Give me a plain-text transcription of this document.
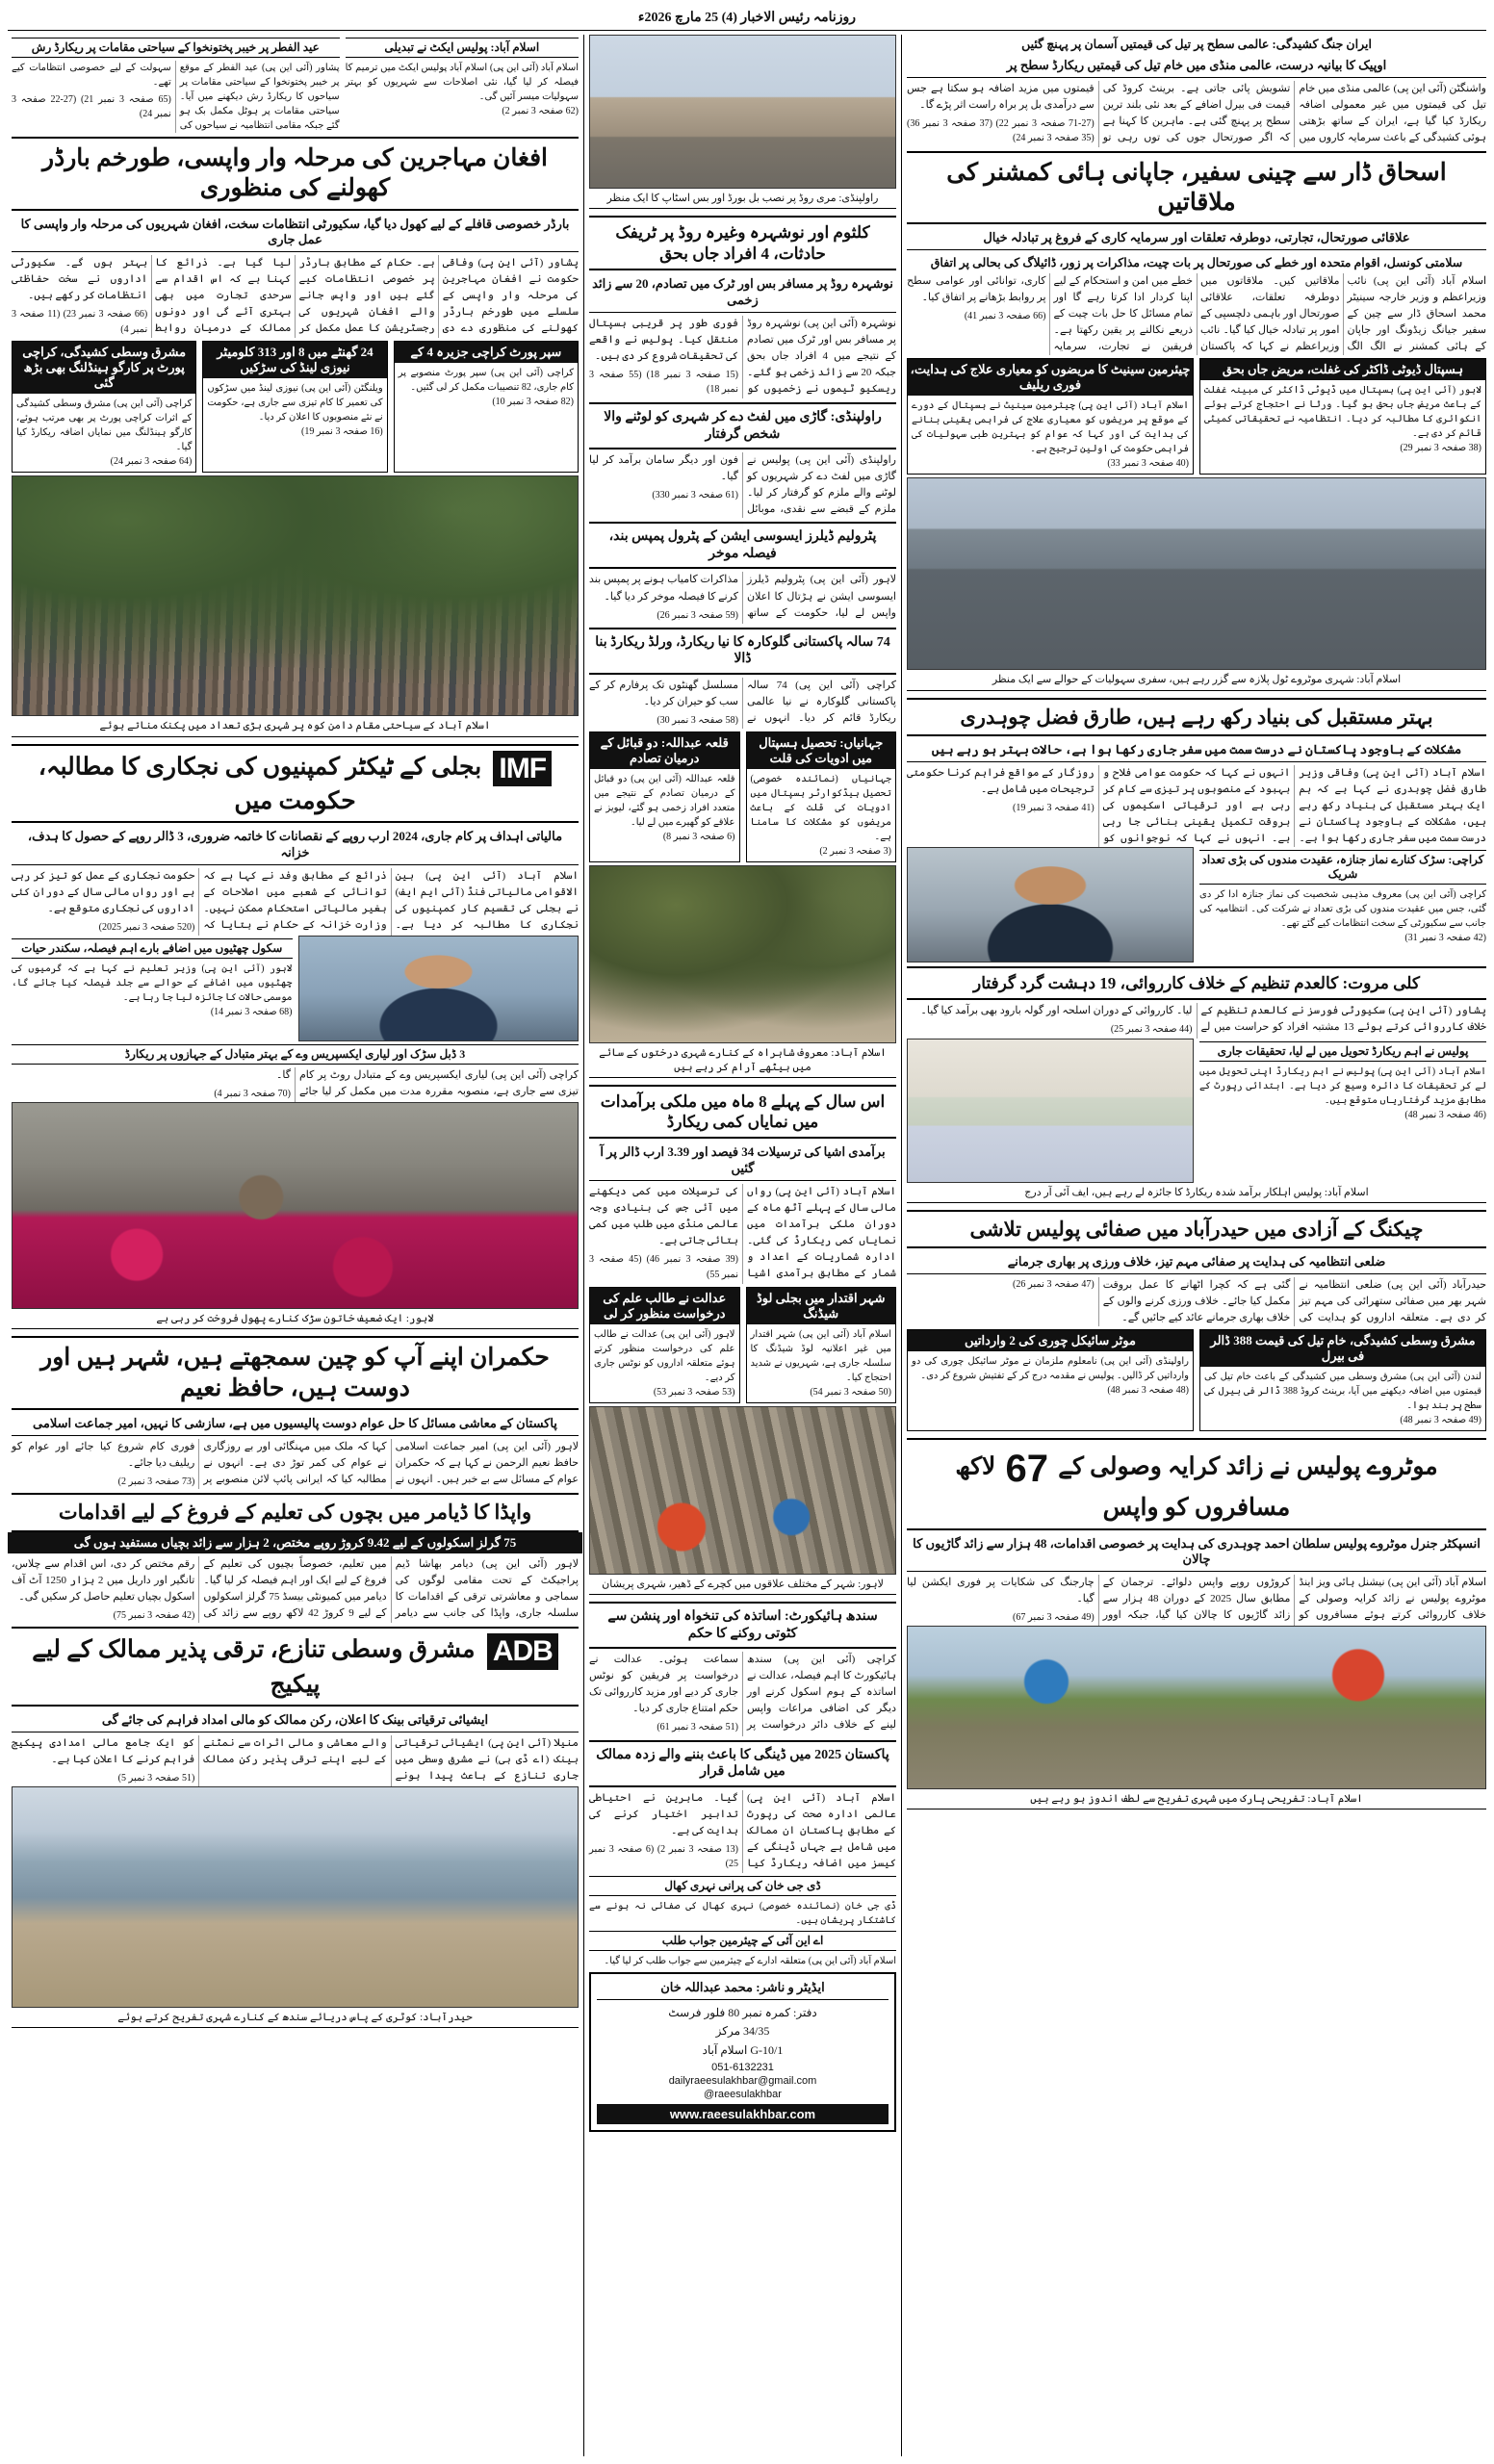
روزنامہ رئیس الاخبار (4) 25 مارچ 2026ء
ایران جنگ کشیدگی: عالمی سطح پر تیل کی قیمتیں آسمان پر پہنچ گئیں
اوپیک کا بیانیہ درست، عالمی منڈی میں خام تیل کی قیمتیں ریکارڈ سطح پر

واشنگٹن (آئی این پی) عالمی منڈی میں خام تیل کی قیمتوں میں غیر معمولی اضافہ ریکارڈ کیا گیا ہے، ایران کے ساتھ بڑھتی ہوئی کشیدگی کے باعث سرمایہ کاروں میں تشویش پائی جاتی ہے۔ برینٹ کروڈ کی قیمت فی بیرل اضافے کے بعد نئی بلند ترین سطح پر پہنچ گئی ہے۔ ماہرین کا کہنا ہے کہ اگر صورتحال جوں کی توں رہی تو قیمتوں میں مزید اضافہ ہو سکتا ہے جس سے درآمدی بل پر براہ راست اثر پڑے گا۔

(71-27 صفحہ 3 نمبر 22) (37 صفحہ 3 نمبر 36) (35 صفحہ 3 نمبر 24)

اسحاق ڈار سے چینی سفیر، جاپانی ہائی کمشنر کی ملاقاتیں
علاقائی صورتحال، تجارتی، دوطرفہ تعلقات اور سرمایہ کاری کے فروغ پر تبادلہ خیال
سلامتی کونسل، اقوام متحدہ اور خطے کی صورتحال پر بات چیت، مذاکرات پر زور، ڈائیلاگ کی بحالی پر اتفاق

اسلام آباد (آئی این پی) نائب وزیراعظم و وزیر خارجہ سینیٹر محمد اسحاق ڈار سے چین کے سفیر جیانگ زیڈونگ اور جاپان کے ہائی کمشنر نے الگ الگ ملاقاتیں کیں۔ ملاقاتوں میں دوطرفہ تعلقات، علاقائی صورتحال اور باہمی دلچسپی کے امور پر تبادلہ خیال کیا گیا۔ نائب وزیراعظم نے کہا کہ پاکستان خطے میں امن و استحکام کے لیے اپنا کردار ادا کرتا رہے گا اور تمام مسائل کا حل بات چیت کے ذریعے نکالنے پر یقین رکھتا ہے۔ فریقین نے تجارت، سرمایہ کاری، توانائی اور عوامی سطح پر روابط بڑھانے پر اتفاق کیا۔

(66 صفحہ 3 نمبر 41)

ہسپتال ڈیوٹی ڈاکٹر کی غفلت، مریض جاں بحق
لاہور (آئی این پی) ہسپتال میں ڈیوٹی ڈاکٹر کی مبینہ غفلت کے باعث مریض جاں بحق ہو گیا۔ ورثا نے احتجاج کرتے ہوئے انکوائری کا مطالبہ کر دیا۔ انتظامیہ نے تحقیقاتی کمیٹی قائم کر دی ہے۔
(38 صفحہ 3 نمبر 29)
چیئرمین سینیٹ کا مریضوں کو معیاری علاج کی ہدایت، فوری ریلیف
اسلام آباد (آئی این پی) چیئرمین سینیٹ نے ہسپتال کے دورے کے موقع پر مریضوں کو معیاری علاج کی فراہمی یقینی بنانے کی ہدایت کی اور کہا کہ عوام کو بہترین طبی سہولیات کی فراہمی حکومت کی اولین ترجیح ہے۔
(40 صفحہ 3 نمبر 33)
اسلام آباد: شہری موٹروے ٹول پلازہ سے گزر رہے ہیں، سفری سہولیات کے حوالے سے ایک منظر
بہتر مستقبل کی بنیاد رکھ رہے ہیں، طارق فضل چوہدری
مشکلات کے باوجود پاکستان نے درست سمت میں سفر جاری رکھا ہوا ہے، حالات بہتر ہو رہے ہیں

اسلام آباد (آئی این پی) وفاقی وزیر طارق فضل چوہدری نے کہا ہے کہ ہم ایک بہتر مستقبل کی بنیاد رکھ رہے ہیں، مشکلات کے باوجود پاکستان نے درست سمت میں سفر جاری رکھا ہوا ہے۔ انہوں نے کہا کہ حکومت عوامی فلاح و بہبود کے منصوبوں پر تیزی سے کام کر رہی ہے اور ترقیاتی اسکیموں کی بروقت تکمیل یقینی بنائی جا رہی ہے۔ انہوں نے کہا کہ نوجوانوں کو روزگار کے مواقع فراہم کرنا حکومتی ترجیحات میں شامل ہے۔

(41 صفحہ 3 نمبر 19)

کراچی: سڑک کنارے نماز جنازہ، عقیدت مندوں کی بڑی تعداد شریک
کراچی (آئی این پی) معروف مذہبی شخصیت کی نماز جنازہ ادا کر دی گئی، جس میں عقیدت مندوں کی بڑی تعداد نے شرکت کی۔ انتظامیہ کی جانب سے سکیورٹی کے سخت انتظامات کیے گئے تھے۔
(42 صفحہ 3 نمبر 31)
کلی مروت: کالعدم تنظیم کے خلاف کارروائی، 19 دہشت گرد گرفتار

پشاور (آئی این پی) سکیورٹی فورسز نے کالعدم تنظیم کے خلاف کارروائی کرتے ہوئے 13 مشتبہ افراد کو حراست میں لے لیا۔ کارروائی کے دوران اسلحہ اور گولہ بارود بھی برآمد کیا گیا۔

(44 صفحہ 3 نمبر 25)

پولیس نے اہم ریکارڈ تحویل میں لے لیا، تحقیقات جاری
اسلام آباد (آئی این پی) پولیس نے اہم ریکارڈ اپنی تحویل میں لے کر تحقیقات کا دائرہ وسیع کر دیا ہے۔ ابتدائی رپورٹ کے مطابق مزید گرفتاریاں متوقع ہیں۔
(46 صفحہ 3 نمبر 48)
اسلام آباد: پولیس اہلکار برآمد شدہ ریکارڈ کا جائزہ لے رہے ہیں، ایف آئی آر درج
چیکنگ کے آزادی میں حیدرآباد میں صفائی پولیس تلاشی
ضلعی انتظامیہ کی ہدایت پر صفائی مہم تیز، خلاف ورزی پر بھاری جرمانے

حیدرآباد (آئی این پی) ضلعی انتظامیہ نے شہر بھر میں صفائی ستھرائی کی مہم تیز کر دی ہے۔ متعلقہ اداروں کو ہدایت کی گئی ہے کہ کچرا اٹھانے کا عمل بروقت مکمل کیا جائے۔ خلاف ورزی کرنے والوں کے خلاف بھاری جرمانے عائد کیے جائیں گے۔

(47 صفحہ 3 نمبر 26)

مشرق وسطی کشیدگی، خام تیل کی قیمت 388 ڈالر فی بیرل
لندن (آئی این پی) مشرق وسطی میں کشیدگی کے باعث خام تیل کی قیمتوں میں اضافہ دیکھنے میں آیا، برینٹ کروڈ 388 ڈالر فی بیرل کی سطح پر بند ہوا۔
(49 صفحہ 3 نمبر 48)
موٹر سائیکل چوری کی 2 وارداتیں
راولپنڈی (آئی این پی) نامعلوم ملزمان نے موٹر سائیکل چوری کی دو وارداتیں کر ڈالیں۔ پولیس نے مقدمہ درج کر کے تفتیش شروع کر دی۔
(48 صفحہ 3 نمبر 48)
موٹروے پولیس نے زائد کرایہ وصولی کے 67 لاکھ مسافروں کو واپس
انسپکٹر جنرل موٹروے پولیس سلطان احمد چوہدری کی ہدایت پر خصوصی اقدامات، 48 ہزار سے زائد گاڑیوں کا چالان

اسلام آباد (آئی این پی) نیشنل ہائی ویز اینڈ موٹروے پولیس نے زائد کرایہ وصولی کے خلاف کارروائی کرتے ہوئے مسافروں کو کروڑوں روپے واپس دلوائے۔ ترجمان کے مطابق سال 2025 کے دوران 48 ہزار سے زائد گاڑیوں کا چالان کیا گیا، جبکہ اوور چارجنگ کی شکایات پر فوری ایکشن لیا گیا۔

(49 صفحہ 3 نمبر 67)

اسلام آباد: تفریحی پارک میں شہری تفریح سے لطف اندوز ہو رہے ہیں
راولپنڈی: مری روڈ پر نصب بل بورڈ اور بس اسٹاپ کا ایک منظر
کلثوم اور نوشہرہ وغیرہ روڈ پر ٹریفک حادثات، 4 افراد جاں بحق
نوشہرہ روڈ پر مسافر بس اور ٹرک میں تصادم، 20 سے زائد زخمی

نوشہرہ (آئی این پی) نوشہرہ روڈ پر مسافر بس اور ٹرک میں تصادم کے نتیجے میں 4 افراد جاں بحق جبکہ 20 سے زائد زخمی ہو گئے۔ ریسکیو ٹیموں نے زخمیوں کو فوری طور پر قریبی ہسپتال منتقل کیا۔ پولیس نے واقعے کی تحقیقات شروع کر دی ہیں۔

(15 صفحہ 3 نمبر 18) (55 صفحہ 3 نمبر 18)

راولپنڈی: گاڑی میں لفٹ دے کر شہری کو لوٹنے والا شخص گرفتار

راولپنڈی (آئی این پی) پولیس نے گاڑی میں لفٹ دے کر شہریوں کو لوٹنے والے ملزم کو گرفتار کر لیا۔ ملزم کے قبضے سے نقدی، موبائل فون اور دیگر سامان برآمد کر لیا گیا۔

(61 صفحہ 3 نمبر 330)

پٹرولیم ڈیلرز ایسوسی ایشن کے پٹرول پمپس بند، فیصلہ موخر

لاہور (آئی این پی) پٹرولیم ڈیلرز ایسوسی ایشن نے ہڑتال کا اعلان واپس لے لیا، حکومت کے ساتھ مذاکرات کامیاب ہونے پر پمپس بند کرنے کا فیصلہ موخر کر دیا گیا۔

(59 صفحہ 3 نمبر 26)

74 سالہ پاکستانی گلوکارہ کا نیا ریکارڈ، ورلڈ ریکارڈ بنا ڈالا

کراچی (آئی این پی) 74 سالہ پاکستانی گلوکارہ نے نیا عالمی ریکارڈ قائم کر دیا۔ انہوں نے مسلسل گھنٹوں تک پرفارم کر کے سب کو حیران کر دیا۔

(58 صفحہ 3 نمبر 30)

جہانیاں: تحصیل ہسپتال میں ادویات کی قلت
جہانیاں (نمائندہ خصوصی) تحصیل ہیڈکوارٹر ہسپتال میں ادویات کی قلت کے باعث مریضوں کو مشکلات کا سامنا ہے۔
(3 صفحہ 3 نمبر 2)
قلعہ عبداللہ: دو قبائل کے درمیان تصادم
قلعہ عبداللہ (آئی این پی) دو قبائل کے درمیان تصادم کے نتیجے میں متعدد افراد زخمی ہو گئے، لیویز نے علاقے کو گھیرے میں لے لیا۔
(6 صفحہ 3 نمبر 8)
اسلام آباد: معروف شاہراہ کے کنارے شہری درختوں کے سائے میں بیٹھے آرام کر رہے ہیں
اس سال کے پہلے 8 ماہ میں ملکی برآمدات میں نمایاں کمی ریکارڈ
برآمدی اشیا کی ترسیلات 34 فیصد اور 3.39 ارب ڈالر پر آ گئیں

اسلام آباد (آئی این پی) رواں مالی سال کے پہلے آٹھ ماہ کے دوران ملکی برآمدات میں نمایاں کمی ریکارڈ کی گئی۔ ادارہ شماریات کے اعداد و شمار کے مطابق برآمدی اشیا کی ترسیلات میں کمی دیکھنے میں آئی جس کی بنیادی وجہ عالمی منڈی میں طلب میں کمی بتائی جاتی ہے۔

(39 صفحہ 3 نمبر 46) (45 صفحہ 3 نمبر 55)

شہر اقتدار میں بجلی لوڈ شیڈنگ
اسلام آباد (آئی این پی) شہر اقتدار میں غیر اعلانیہ لوڈ شیڈنگ کا سلسلہ جاری ہے، شہریوں نے شدید احتجاج کیا۔
(50 صفحہ 3 نمبر 54)
عدالت نے طالب علم کی درخواست منظور کر لی
لاہور (آئی این پی) عدالت نے طالب علم کی درخواست منظور کرتے ہوئے متعلقہ اداروں کو نوٹس جاری کر دیے۔
(53 صفحہ 3 نمبر 53)
لاہور: شہر کے مختلف علاقوں میں کچرے کے ڈھیر، شہری پریشان
سندھ ہائیکورٹ: اساتذہ کی تنخواہ اور پنشن سے کٹوتی روکنے کا حکم

کراچی (آئی این پی) سندھ ہائیکورٹ کا اہم فیصلہ، عدالت نے اساتذہ کے ہوم اسکول کرنے اور دیگر کی اضافی مراعات واپس لینے کے خلاف دائر درخواست پر سماعت ہوئی۔ عدالت نے درخواست پر فریقین کو نوٹس جاری کر دیے اور مزید کارروائی تک حکم امتناع جاری کر دیا۔

(51 صفحہ 3 نمبر 61)

پاکستان 2025 میں ڈینگی کا باعث بننے والے زدہ ممالک میں شامل قرار

اسلام آباد (آئی این پی) عالمی ادارہ صحت کی رپورٹ کے مطابق پاکستان ان ممالک میں شامل ہے جہاں ڈینگی کے کیسز میں اضافہ ریکارڈ کیا گیا۔ ماہرین نے احتیاطی تدابیر اختیار کرنے کی ہدایت کی ہے۔

(13 صفحہ 3 نمبر 2) (6 صفحہ 3 نمبر 25)

ڈی جی خان کی پرانی نہری کھال
ڈی جی خان (نمائندہ خصوصی) نہری کھال کی صفائی نہ ہونے سے کاشتکار پریشان ہیں۔
اے این آئی کے چیئرمین جواب طلب
اسلام آباد (آئی این پی) متعلقہ ادارے کے چیئرمین سے جواب طلب کر لیا گیا۔
ایڈیٹر و ناشر: محمد عبداللہ خان
دفتر: کمرہ نمبر 80 فلور فرسٹ
34/35 مرکز
G-10/1 اسلام آباد
051-6132231
dailyraeesulakhbar@gmail.com
@raeesulakhbar
www.raeesulakhbar.com
اسلام آباد: پولیس ایکٹ نے تبدیلی
اسلام آباد (آئی این پی) اسلام آباد پولیس ایکٹ میں ترمیم کا فیصلہ کر لیا گیا، نئی اصلاحات سے شہریوں کو بہتر سہولیات میسر آئیں گی۔
(62 صفحہ 3 نمبر 2)
عید الفطر پر خیبر پختونخوا کے سیاحتی مقامات پر ریکارڈ رش

پشاور (آئی این پی) عید الفطر کے موقع پر خیبر پختونخوا کے سیاحتی مقامات پر سیاحوں کا ریکارڈ رش دیکھنے میں آیا۔ سیاحتی مقامات پر ہوٹل مکمل بک ہو گئے جبکہ مقامی انتظامیہ نے سیاحوں کی سہولت کے لیے خصوصی انتظامات کیے تھے۔

(65 صفحہ 3 نمبر 21) (27-22 صفحہ 3 نمبر 24)

افغان مہاجرین کی مرحلہ وار واپسی، طورخم بارڈر کھولنے کی منظوری
بارڈر خصوصی قافلے کے لیے کھول دیا گیا، سکیورٹی انتظامات سخت، افغان شہریوں کی مرحلہ وار واپسی کا عمل جاری

پشاور (آئی این پی) وفاقی حکومت نے افغان مہاجرین کی مرحلہ وار واپسی کے سلسلے میں طورخم بارڈر کھولنے کی منظوری دے دی ہے۔ حکام کے مطابق بارڈر پر خصوصی انتظامات کیے گئے ہیں اور واپس جانے والے افغان شہریوں کی رجسٹریشن کا عمل مکمل کر لیا گیا ہے۔ ذرائع کا کہنا ہے کہ اس اقدام سے سرحدی تجارت میں بھی بہتری آئے گی اور دونوں ممالک کے درمیان روابط بہتر ہوں گے۔ سکیورٹی اداروں نے سخت حفاظتی انتظامات کر رکھے ہیں۔

(66 صفحہ 3 نمبر 23) (11 صفحہ 3 نمبر 4)

سپر پورٹ کراچی جزیرہ 4 کے
کراچی (آئی این پی) سپر پورٹ منصوبے پر کام جاری، 82 تنصیبات مکمل کر لی گئیں۔
(82 صفحہ 3 نمبر 10)
24 گھنٹے میں 8 اور 313 کلومیٹر نیوزی لینڈ کی سڑکیں
ویلنگٹن (آئی این پی) نیوزی لینڈ میں سڑکوں کی تعمیر کا کام تیزی سے جاری ہے، حکومت نے نئے منصوبوں کا اعلان کر دیا۔
(16 صفحہ 3 نمبر 19)
مشرق وسطی کشیدگی، کراچی پورٹ پر کارگو ہینڈلنگ بھی بڑھ گئی
کراچی (آئی این پی) مشرق وسطی کشیدگی کے اثرات کراچی پورٹ پر بھی مرتب ہوئے، کارگو ہینڈلنگ میں نمایاں اضافہ ریکارڈ کیا گیا۔
(64 صفحہ 3 نمبر 24)
اسلام آباد کے سیاحتی مقام دامن کوہ پر شہری بڑی تعداد میں پکنک مناتے ہوئے
IMF بجلی کے ٹیکٹر کمپنیوں کی نجکاری کا مطالبہ، حکومت میں
مالیاتی اہداف پر کام جاری، 2024 ارب روپے کے نقصانات کا خاتمہ ضروری، 3 ڈالر روپے کے حصول کا ہدف، خزانہ

اسلام آباد (آئی این پی) بین الاقوامی مالیاتی فنڈ (آئی ایم ایف) نے بجلی کی تقسیم کار کمپنیوں کی نجکاری کا مطالبہ کر دیا ہے۔ ذرائع کے مطابق وفد نے کہا ہے کہ توانائی کے شعبے میں اصلاحات کے بغیر مالیاتی استحکام ممکن نہیں۔ وزارت خزانہ کے حکام نے بتایا کہ حکومت نجکاری کے عمل کو تیز کر رہی ہے اور رواں مالی سال کے دوران کئی اداروں کی نجکاری متوقع ہے۔

(520 صفحہ 3 نمبر 2025)

سکول چھٹیوں میں اضافے بارے اہم فیصلہ، سکندر حیات
لاہور (آئی این پی) وزیر تعلیم نے کہا ہے کہ گرمیوں کی چھٹیوں میں اضافے کے حوالے سے جلد فیصلہ کیا جائے گا، موسمی حالات کا جائزہ لیا جا رہا ہے۔
(68 صفحہ 3 نمبر 14)
3 ڈبل سڑک اور لیاری ایکسپریس وے کے بہتر متبادل کے جہازوں پر ریکارڈ

کراچی (آئی این پی) لیاری ایکسپریس وے کے متبادل روٹ پر کام تیزی سے جاری ہے، منصوبہ مقررہ مدت میں مکمل کر لیا جائے گا۔

(70 صفحہ 3 نمبر 4)

لاہور: ایک ضعیف خاتون سڑک کنارے پھول فروخت کر رہی ہے
حکمران اپنے آپ کو چین سمجھتے ہیں، شہر ہیں اور دوست ہیں، حافظ نعیم
پاکستان کے معاشی مسائل کا حل عوام دوست پالیسیوں میں ہے، سازشی کا نہیں، امیر جماعت اسلامی

لاہور (آئی این پی) امیر جماعت اسلامی حافظ نعیم الرحمن نے کہا ہے کہ حکمران عوام کے مسائل سے بے خبر ہیں۔ انہوں نے کہا کہ ملک میں مہنگائی اور بے روزگاری نے عوام کی کمر توڑ دی ہے۔ انہوں نے مطالبہ کیا کہ ایرانی پائپ لائن منصوبے پر فوری کام شروع کیا جائے اور عوام کو ریلیف دیا جائے۔

(73 صفحہ 3 نمبر 2)

واپڈا کا ڈیامر میں بچوں کی تعلیم کے فروغ کے لیے اقدامات
75 گرلز اسکولوں کے لیے 9.42 کروڑ روپے مختص، 2 ہزار سے زائد بچیاں مستفید ہوں گی

لاہور (آئی این پی) دیامر بھاشا ڈیم پراجیکٹ کے تحت مقامی لوگوں کی سماجی و معاشرتی ترقی کے اقدامات کا سلسلہ جاری، واپڈا کی جانب سے دیامر میں تعلیم، خصوصاً بچیوں کی تعلیم کے فروغ کے لیے ایک اور اہم فیصلہ کر لیا گیا۔ دیامر میں کمیونٹی بیسڈ 75 گرلز اسکولوں کے لیے 9 کروڑ 42 لاکھ روپے سے زائد کی رقم مختص کر دی، اس اقدام سے چلاس، تانگیر اور داریل میں 2 ہزار 1250 آٹ آف اسکول بچیاں تعلیم حاصل کر سکیں گی۔

(42 صفحہ 3 نمبر 75)

ADB مشرق وسطی تنازع، ترقی پذیر ممالک کے لیے پیکیج
ایشیائی ترقیاتی بینک کا اعلان، رکن ممالک کو مالی امداد فراہم کی جائے گی

منیلا (آئی این پی) ایشیائی ترقیاتی بینک (اے ڈی بی) نے مشرق وسطی میں جاری تنازع کے باعث پیدا ہونے والے معاشی و مالی اثرات سے نمٹنے کے لیے اپنے ترقی پذیر رکن ممالک کو ایک جامع مالی امدادی پیکیج فراہم کرنے کا اعلان کیا ہے۔

(51 صفحہ 3 نمبر 5)

حیدرآباد: کوٹری کے پاس دریائے سندھ کے کنارے شہری تفریح کرتے ہوئے
